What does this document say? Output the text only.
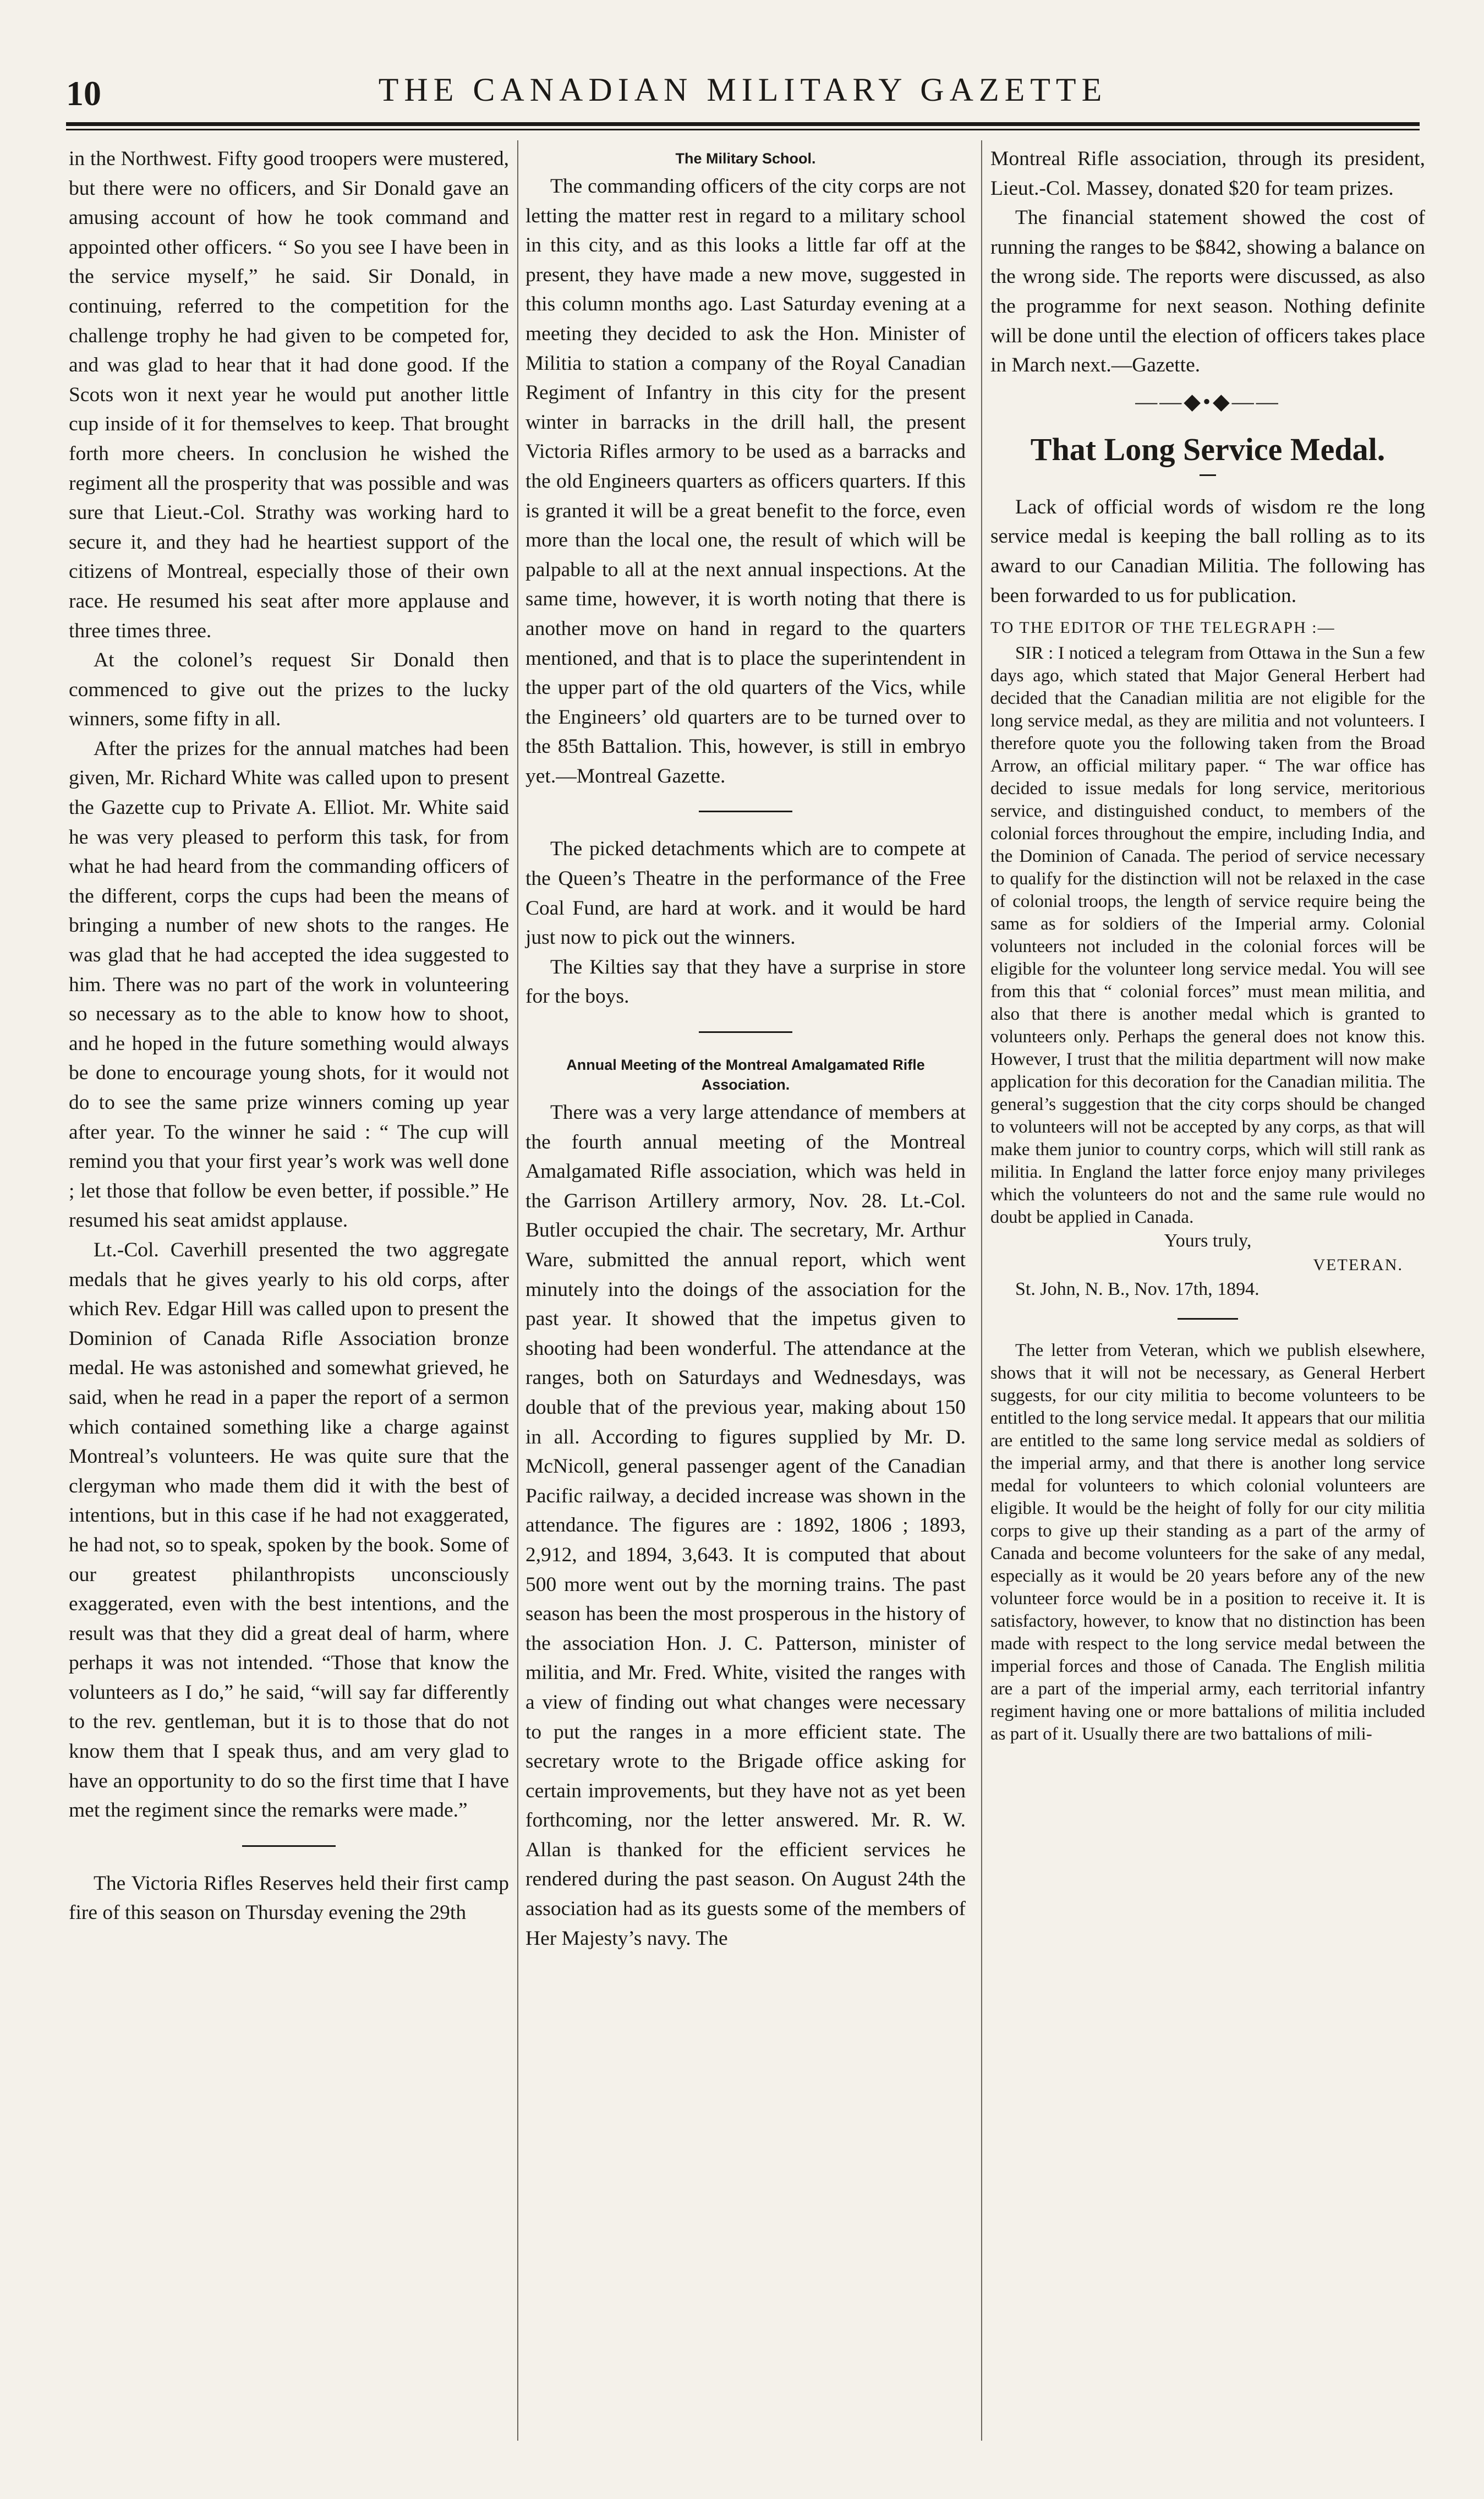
10	THE CANADIAN MILITARY GAZETTE

in the Northwest. Fifty good troopers were mustered, but there were no officers, and Sir Donald gave an amusing account of how he took command and appointed other officers. “ So you see I have been in the service myself,” he said. Sir Donald, in continuing, referred to the competition for the challenge trophy he had given to be competed for, and was glad to hear that it had done good. If the Scots won it next year he would put another little cup inside of it for themselves to keep. That brought forth more cheers. In conclusion he wished the regiment all the prosperity that was possible and was sure that Lieut.-Col. Strathy was working hard to secure it, and they had he heartiest support of the citizens of Montreal, especially those of their own race. He resumed his seat after more applause and three times three.

At the colonel’s request Sir Donald then commenced to give out the prizes to the lucky winners, some fifty in all.

After the prizes for the annual matches had been given, Mr. Richard White was called upon to present the Gazette cup to Private A. Elliot. Mr. White said he was very pleased to perform this task, for from what he had heard from the commanding officers of the different, corps the cups had been the means of bringing a number of new shots to the ranges. He was glad that he had accepted the idea suggested to him. There was no part of the work in volunteering so necessary as to the able to know how to shoot, and he hoped in the future something would always be done to encourage young shots, for it would not do to see the same prize winners coming up year after year. To the winner he said : “ The cup will remind you that your first year’s work was well done ; let those that follow be even better, if possible.” He resumed his seat amidst applause.

Lt.-Col. Caverhill presented the two aggregate medals that he gives yearly to his old corps, after which Rev. Edgar Hill was called upon to present the Dominion of Canada Rifle Association bronze medal. He was astonished and somewhat grieved, he said, when he read in a paper the report of a sermon which contained something like a charge against Montreal’s volunteers. He was quite sure that the clergyman who made them did it with the best of intentions, but in this case if he had not exaggerated, he had not, so to speak, spoken by the book. Some of our greatest philanthropists unconsciously exaggerated, even with the best intentions, and the result was that they did a great deal of harm, where perhaps it was not intended. “Those that know the volunteers as I do,” he said, “will say far differently to the rev. gentleman, but it is to those that do not know them that I speak thus, and am very glad to have an opportunity to do so the first time that I have met the regiment since the remarks were made.”

The Victoria Rifles Reserves held their first camp fire of this season on Thursday evening the 29th

The Military School.

The commanding officers of the city corps are not letting the matter rest in regard to a military school in this city, and as this looks a little far off at the present, they have made a new move, suggested in this column months ago. Last Saturday evening at a meeting they decided to ask the Hon. Minister of Militia to station a company of the Royal Canadian Regiment of Infantry in this city for the present winter in barracks in the drill hall, the present Victoria Rifles armory to be used as a barracks and the old Engineers quarters as officers quarters. If this is granted it will be a great benefit to the force, even more than the local one, the result of which will be palpable to all at the next annual inspections. At the same time, however, it is worth noting that there is another move on hand in regard to the quarters mentioned, and that is to place the superintendent in the upper part of the old quarters of the Vics, while the Engineers’ old quarters are to be turned over to the 85th Battalion. This, however, is still in embryo yet.—Montreal Gazette.

The picked detachments which are to compete at the Queen’s Theatre in the performance of the Free Coal Fund, are hard at work. and it would be hard just now to pick out the winners.

The Kilties say that they have a surprise in store for the boys.

Annual Meeting of the Montreal Amalgamated Rifle Association.

There was a very large attendance of members at the fourth annual meeting of the Montreal Amalgamated Rifle association, which was held in the Garrison Artillery armory, Nov. 28. Lt.-Col. Butler occupied the chair. The secretary, Mr. Arthur Ware, submitted the annual report, which went minutely into the doings of the association for the past year. It showed that the impetus given to shooting had been wonderful. The attendance at the ranges, both on Saturdays and Wednesdays, was double that of the previous year, making about 150 in all. According to figures supplied by Mr. D. McNicoll, general passenger agent of the Canadian Pacific railway, a decided increase was shown in the attendance. The figures are : 1892, 1806 ; 1893, 2,912, and 1894, 3,643. It is computed that about 500 more went out by the morning trains. The past season has been the most prosperous in the history of the association Hon. J. C. Patterson, minister of militia, and Mr. Fred. White, visited the ranges with a view of finding out what changes were necessary to put the ranges in a more efficient state. The secretary wrote to the Brigade office asking for certain improvements, but they have not as yet been forthcoming, nor the letter answered. Mr. R. W. Allan is thanked for the efficient services he rendered during the past season. On August 24th the association had as its guests some of the members of Her Majesty’s navy. The

Montreal Rifle association, through its president, Lieut.-Col. Massey, donated $20 for team prizes.

The financial statement showed the cost of running the ranges to be $842, showing a balance on the wrong side. The reports were discussed, as also the programme for next season. Nothing definite will be done until the election of officers takes place in March next.—Gazette.

——◆•◆——
That Long Service Medal.

Lack of official words of wisdom re the long service medal is keeping the ball rolling as to its award to our Canadian Militia. The following has been forwarded to us for publication.

TO THE EDITOR OF THE TELEGRAPH :—

SIR : I noticed a telegram from Ottawa in the Sun a few days ago, which stated that Major General Herbert had decided that the Canadian militia are not eligible for the long service medal, as they are militia and not volunteers. I therefore quote you the following taken from the Broad Arrow, an official military paper. “ The war office has decided to issue medals for long service, meritorious service, and distinguished conduct, to members of the colonial forces throughout the empire, including India, and the Dominion of Canada. The period of service necessary to qualify for the distinction will not be relaxed in the case of colonial troops, the length of service require being the same as for soldiers of the Imperial army. Colonial volunteers not included in the colonial forces will be eligible for the volunteer long service medal. You will see from this that “ colonial forces” must mean militia, and also that there is another medal which is granted to volunteers only. Perhaps the general does not know this. However, I trust that the militia department will now make application for this decoration for the Canadian militia. The general’s suggestion that the city corps should be changed to volunteers will not be accepted by any corps, as that will make them junior to country corps, which will still rank as militia. In England the latter force enjoy many privileges which the volunteers do not and the same rule would no doubt be applied in Canada.

Yours truly,
VETERAN.
St. John, N. B., Nov. 17th, 1894.

The letter from Veteran, which we publish elsewhere, shows that it will not be necessary, as General Herbert suggests, for our city militia to become volunteers to be entitled to the long service medal. It appears that our militia are entitled to the same long service medal as soldiers of the imperial army, and that there is another long service medal for volunteers to which colonial volunteers are eligible. It would be the height of folly for our city militia corps to give up their standing as a part of the army of Canada and become volunteers for the sake of any medal, especially as it would be 20 years before any of the new volunteer force would be in a position to receive it. It is satisfactory, however, to know that no distinction has been made with respect to the long service medal between the imperial forces and those of Canada. The English militia are a part of the imperial army, each territorial infantry regiment having one or more battalions of militia included as part of it. Usually there are two battalions of mili-
